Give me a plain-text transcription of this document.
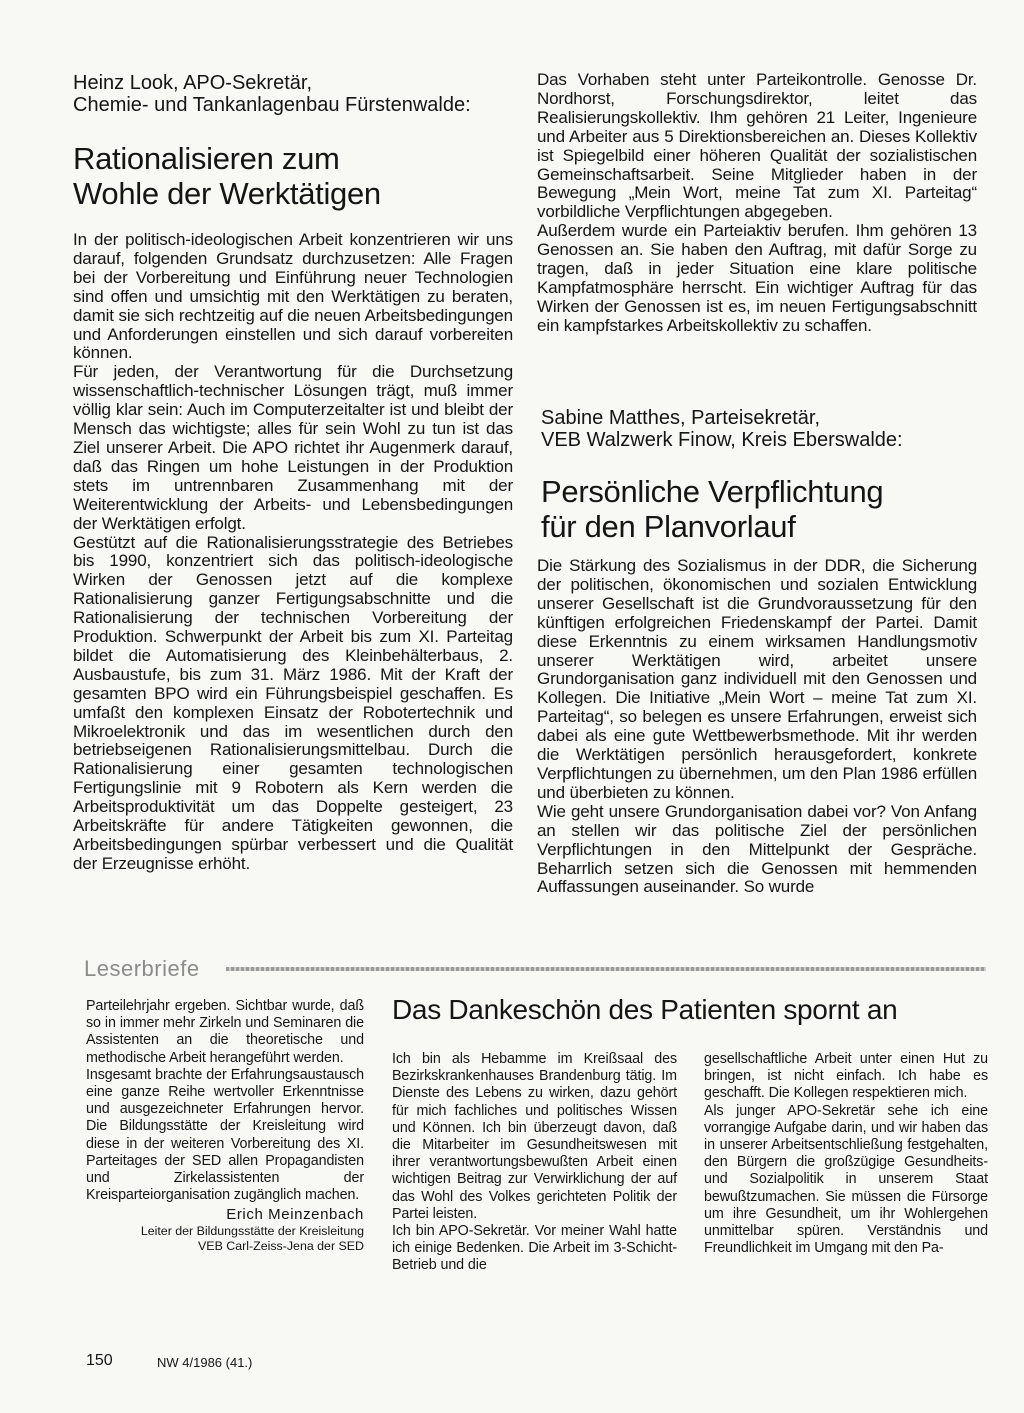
Heinz Look, APO-Sekretär,

Chemie- und Tankanlagenbau Fürstenwalde:

Rationalisieren zum
Wohle der Werktätigen

In der politisch-ideologischen Arbeit konzentrieren wir uns darauf, folgenden Grundsatz durchzusetzen: Alle Fragen bei der Vorbereitung und Einführung neuer Technologien sind offen und umsichtig mit den Werktätigen zu beraten, damit sie sich rechtzeitig auf die neuen Arbeitsbedingungen und Anforderungen einstellen und sich darauf vorbereiten können.

Für jeden, der Verantwortung für die Durchsetzung wissenschaftlich-technischer Lösungen trägt, muß immer völlig klar sein: Auch im Computerzeitalter ist und bleibt der Mensch das wichtigste; alles für sein Wohl zu tun ist das Ziel unserer Arbeit. Die APO richtet ihr Augenmerk darauf, daß das Ringen um hohe Leistungen in der Produktion stets im untrennbaren Zusammenhang mit der Weiterentwicklung der Arbeits- und Lebensbedingungen der Werktätigen erfolgt.

Gestützt auf die Rationalisierungsstrategie des Betriebes bis 1990, konzentriert sich das politisch-ideologische Wirken der Genossen jetzt auf die komplexe Rationalisierung ganzer Fertigungsabschnitte und die Rationalisierung der technischen Vorbereitung der Produktion. Schwerpunkt der Arbeit bis zum XI. Parteitag bildet die Automatisierung des Kleinbehälterbaus, 2. Ausbaustufe, bis zum 31. März 1986. Mit der Kraft der gesamten BPO wird ein Führungsbeispiel geschaffen. Es umfaßt den komplexen Einsatz der Robotertechnik und Mikroelektronik und das im wesentlichen durch den betriebseigenen Rationalisierungsmittelbau. Durch die Rationalisierung einer gesamten technologischen Fertigungslinie mit 9 Robotern als Kern werden die Arbeitsproduktivität um das Doppelte gesteigert, 23 Arbeitskräfte für andere Tätigkeiten gewonnen, die Arbeitsbedingungen spürbar verbessert und die Qualität der Erzeugnisse erhöht.

Das Vorhaben steht unter Parteikontrolle. Genosse Dr. Nordhorst, Forschungsdirektor, leitet das Realisierungskollektiv. Ihm gehören 21 Leiter, Ingenieure und Arbeiter aus 5 Direktionsbereichen an. Dieses Kollektiv ist Spiegelbild einer höheren Qualität der sozialistischen Gemeinschaftsarbeit. Seine Mitglieder haben in der Bewegung „Mein Wort, meine Tat zum XI. Parteitag“ vorbildliche Verpflichtungen abgegeben.

Außerdem wurde ein Parteiaktiv berufen. Ihm gehören 13 Genossen an. Sie haben den Auftrag, mit dafür Sorge zu tragen, daß in jeder Situation eine klare politische Kampfatmosphäre herrscht. Ein wichtiger Auftrag für das Wirken der Genossen ist es, im neuen Fertigungsabschnitt ein kampfstarkes Arbeitskollektiv zu schaffen.

Sabine Matthes, Parteisekretär,

VEB Walzwerk Finow, Kreis Eberswalde:

Persönliche Verpflichtung
für den Planvorlauf

Die Stärkung des Sozialismus in der DDR, die Sicherung der politischen, ökonomischen und sozialen Entwicklung unserer Gesellschaft ist die Grundvoraussetzung für den künftigen erfolgreichen Friedenskampf der Partei. Damit diese Erkenntnis zu einem wirksamen Handlungsmotiv unserer Werktätigen wird, arbeitet unsere Grundorganisation ganz individuell mit den Genossen und Kollegen. Die Initiative „Mein Wort – meine Tat zum XI. Parteitag“, so belegen es unsere Erfahrungen, erweist sich dabei als eine gute Wettbewerbsmethode. Mit ihr werden die Werktätigen persönlich herausgefordert, konkrete Verpflichtungen zu übernehmen, um den Plan 1986 erfüllen und überbieten zu können.

Wie geht unsere Grundorganisation dabei vor? Von Anfang an stellen wir das politische Ziel der persönlichen Verpflichtungen in den Mittelpunkt der Gespräche. Beharrlich setzen sich die Genossen mit hemmenden Auffassungen auseinander. So wurde

Leserbriefe

Parteilehrjahr ergeben. Sichtbar wurde, daß so in immer mehr Zirkeln und Seminaren die Assistenten an die theoretische und methodische Arbeit herangeführt werden.

Insgesamt brachte der Erfahrungsaustausch eine ganze Reihe wertvoller Erkenntnisse und ausgezeichneter Erfahrungen hervor. Die Bildungsstätte der Kreisleitung wird diese in der weiteren Vorbereitung des XI. Parteitages der SED allen Propagandisten und Zirkelassistenten der Kreisparteiorganisation zugänglich machen.

Erich Meinzenbach
Leiter der Bildungsstätte der Kreisleitung
VEB Carl-Zeiss-Jena der SED
Das Dankeschön des Patienten spornt an

Ich bin als Hebamme im Kreißsaal des Bezirkskrankenhauses Brandenburg tätig. Im Dienste des Lebens zu wirken, dazu gehört für mich fachliches und politisches Wissen und Können. Ich bin überzeugt davon, daß die Mitarbeiter im Gesundheitswesen mit ihrer verantwortungsbewußten Arbeit einen wichtigen Beitrag zur Verwirklichung der auf das Wohl des Volkes gerichteten Politik der Partei leisten.

Ich bin APO-Sekretär. Vor meiner Wahl hatte ich einige Bedenken. Die Arbeit im 3-Schicht-Betrieb und die

gesellschaftliche Arbeit unter einen Hut zu bringen, ist nicht einfach. Ich habe es geschafft. Die Kollegen respektieren mich.

Als junger APO-Sekretär sehe ich eine vorrangige Aufgabe darin, und wir haben das in unserer Arbeitsentschließung festgehalten, den Bürgern die großzügige Gesundheits- und Sozialpolitik in unserem Staat bewußtzumachen. Sie müssen die Fürsorge um ihre Gesundheit, um ihr Wohlergehen unmittelbar spüren. Verständnis und Freundlichkeit im Umgang mit den Pa-

150	NW 4/1986 (41.)
